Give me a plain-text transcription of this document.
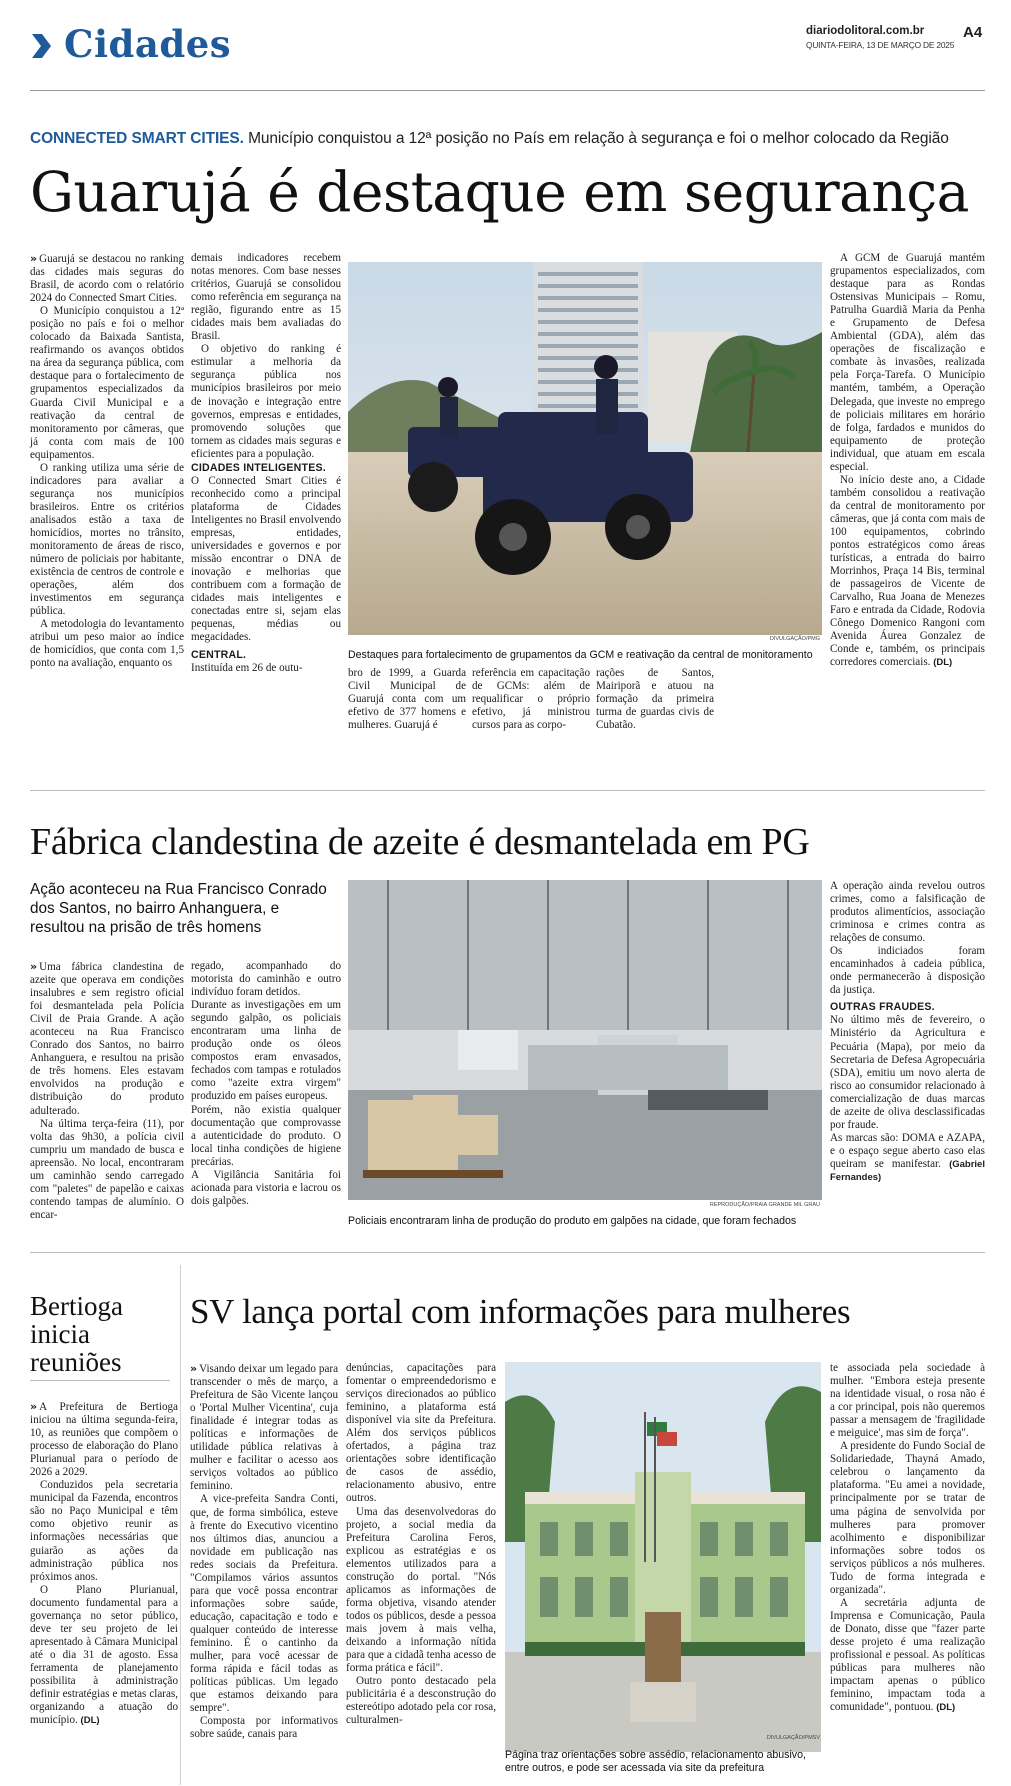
Cidades	diariodolitoral.com.br
QUINTA-FEIRA, 13 DE MARÇO DE 2025
A4
CONNECTED SMART CITIES. Município conquistou a 12ª posição no País em relação à segurança e foi o melhor colocado da Região
Guarujá é destaque em segurança

» Guarujá se destacou no ranking das cidades mais seguras do Brasil, de acordo com o relatório 2024 do Connected Smart Cities.

O Município conquistou a 12ª posição no país e foi o melhor colocado da Baixada Santista, reafirmando os avanços obtidos na área da segurança pública, com destaque para o fortalecimento de grupamentos especializados da Guarda Civil Municipal e a reativação da central de monitoramento por câmeras, que já conta com mais de 100 equipamentos.

O ranking utiliza uma série de indicadores para avaliar a segurança nos municípios brasileiros. Entre os critérios analisados estão a taxa de homicídios, mortes no trânsito, monitoramento de áreas de risco, número de policiais por habitante, existência de centros de controle e operações, além dos investimentos em segurança pública.

A metodologia do levantamento atribui um peso maior ao índice de homicídios, que conta com 1,5 ponto na avaliação, enquanto os

demais indicadores recebem notas menores. Com base nesses critérios, Guarujá se consolidou como referência em segurança na região, figurando entre as 15 cidades mais bem avaliadas do Brasil.

O objetivo do ranking é estimular a melhoria da segurança pública nos municípios brasileiros por meio de inovação e integração entre governos, empresas e entidades, promovendo soluções que tornem as cidades mais seguras e eficientes para a população.

CIDADES INTELIGENTES.

O Connected Smart Cities é reconhecido como a principal plataforma de Cidades Inteligentes no Brasil envolvendo empresas, entidades, universidades e governos e por missão encontrar o DNA de inovação e melhorias que contribuem com a formação de cidades mais inteligentes e conectadas entre si, sejam elas pequenas, médias ou megacidades.

CENTRAL.

Instituída em 26 de outu-

DIVULGAÇÃO/PMG
Destaques para fortalecimento de grupamentos da GCM e reativação da central de monitoramento

bro de 1999, a Guarda Civil Municipal de Guarujá conta com um efetivo de 377 homens e mulheres. Guarujá é

referência em capacitação de GCMs: além de requalificar o próprio efetivo, já ministrou cursos para as corpo-

rações de Santos, Mairiporã e atuou na formação da primeira turma de guardas civis de Cubatão.

A GCM de Guarujá mantém grupamentos especializados, com destaque para as Rondas Ostensivas Municipais – Romu, Patrulha Guardiã Maria da Penha e Grupamento de Defesa Ambiental (GDA), além das operações de fiscalização e combate às invasões, realizada pela Força-Tarefa. O Município mantém, também, a Operação Delegada, que investe no emprego de policiais militares em horário de folga, fardados e munidos do equipamento de proteção individual, que atuam em escala especial.

No início deste ano, a Cidade também consolidou a reativação da central de monitoramento por câmeras, que já conta com mais de 100 equipamentos, cobrindo pontos estratégicos como áreas turísticas, a entrada do bairro Morrinhos, Praça 14 Bis, terminal de passageiros de Vicente de Carvalho, Rua Joana de Menezes Faro e entrada da Cidade, Rodovia Cônego Domenico Rangoni com Avenida Áurea Gonzalez de Conde e, também, os principais corredores comerciais. (DL)

Fábrica clandestina de azeite é desmantelada em PG
Ação aconteceu na Rua Francisco Conrado dos Santos, no bairro Anhanguera, e resultou na prisão de três homens

» Uma fábrica clandestina de azeite que operava em condições insalubres e sem registro oficial foi desmantelada pela Polícia Civil de Praia Grande. A ação aconteceu na Rua Francisco Conrado dos Santos, no bairro Anhanguera, e resultou na prisão de três homens. Eles estavam envolvidos na produção e distribuição do produto adulterado.

Na última terça-feira (11), por volta das 9h30, a polícia civil cumpriu um mandado de busca e apreensão. No local, encontraram um caminhão sendo carregado com "paletes" de papelão e caixas contendo tampas de alumínio. O encar-

regado, acompanhado do motorista do caminhão e outro indivíduo foram detidos.

Durante as investigações em um segundo galpão, os policiais encontraram uma linha de produção onde os óleos compostos eram envasados, fechados com tampas e rotulados como "azeite extra virgem" produzido em países europeus.

Porém, não existia qualquer documentação que comprovasse a autenticidade do produto. O local tinha condições de higiene precárias.

A Vigilância Sanitária foi acionada para vistoria e lacrou os dois galpões.	REPRODUÇÃO/PRAIA GRANDE MIL GRAU
Policiais encontraram linha de produção do produto em galpões na cidade, que foram fechados

A operação ainda revelou outros crimes, como a falsificação de produtos alimentícios, associação criminosa e crimes contra as relações de consumo.

Os indiciados foram encaminhados à cadeia pública, onde permanecerão à disposição da justiça.

OUTRAS FRAUDES.

No último mês de fevereiro, o Ministério da Agricultura e Pecuária (Mapa), por meio da Secretaria de Defesa Agropecuária (SDA), emitiu um novo alerta de risco ao consumidor relacionado à comercialização de duas marcas de azeite de oliva desclassificadas por fraude.

As marcas são: DOMA e AZAPA, e o espaço segue aberto caso elas queiram se manifestar. (Gabriel Fernandes)

Bertioga inicia reuniões

» A Prefeitura de Bertioga iniciou na última segunda-feira, 10, as reuniões que compõem o processo de elaboração do Plano Plurianual para o período de 2026 a 2029.

Conduzidos pela secretaria municipal da Fazenda, encontros são no Paço Municipal e têm como objetivo reunir as informações necessárias que guiarão as ações da administração pública nos próximos anos.

O Plano Plurianual, documento fundamental para a governança no setor público, deve ter seu projeto de lei apresentado à Câmara Municipal até o dia 31 de agosto. Essa ferramenta de planejamento possibilita à administração definir estratégias e metas claras, organizando a atuação do município. (DL)

SV lança portal com informações para mulheres

» Visando deixar um legado para transcender o mês de março, a Prefeitura de São Vicente lançou o 'Portal Mulher Vicentina', cuja finalidade é integrar todas as políticas e informações de utilidade pública relativas à mulher e facilitar o acesso aos serviços voltados ao público feminino.

A vice-prefeita Sandra Conti, que, de forma simbólica, esteve à frente do Executivo vicentino nos últimos dias, anunciou a novidade em publicação nas redes sociais da Prefeitura. "Compilamos vários assuntos para que você possa encontrar informações sobre saúde, educação, capacitação e todo e qualquer conteúdo de interesse feminino. É o cantinho da mulher, para você acessar de forma rápida e fácil todas as políticas públicas. Um legado que estamos deixando para sempre".

Composta por informativos sobre saúde, canais para

denúncias, capacitações para fomentar o empreendedorismo e serviços direcionados ao público feminino, a plataforma está disponível via site da Prefeitura. Além dos serviços públicos ofertados, a página traz orientações sobre identificação de casos de assédio, relacionamento abusivo, entre outros.

Uma das desenvolvedoras do projeto, a social media da Prefeitura Carolina Feros, explicou as estratégias e os elementos utilizados para a construção do portal. "Nós aplicamos as informações de forma objetiva, visando atender todos os públicos, desde a pessoa mais jovem à mais velha, deixando a informação nítida para que a cidadã tenha acesso de forma prática e fácil".

Outro ponto destacado pela publicitária é a desconstrução do estereótipo adotado pela cor rosa, culturalmen-

DIVULGAÇÃO/PMSV
Página traz orientações sobre assédio, relacionamento abusivo, entre outros, e pode ser acessada via site da prefeitura

te associada pela sociedade à mulher. "Embora esteja presente na identidade visual, o rosa não é a cor principal, pois não queremos passar a mensagem de 'fragilidade e meiguice', mas sim de força".

A presidente do Fundo Social de Solidariedade, Thayná Amado, celebrou o lançamento da plataforma. "Eu amei a novidade, principalmente por se tratar de uma página de senvolvida por mulheres para promover acolhimento e disponibilizar informações sobre todos os serviços públicos a nós mulheres. Tudo de forma integrada e organizada".

A secretária adjunta de Imprensa e Comunicação, Paula de Donato, disse que "fazer parte desse projeto é uma realização profissional e pessoal. As políticas públicas para mulheres não impactam apenas o público feminino, impactam toda a comunidade", pontuou. (DL)
